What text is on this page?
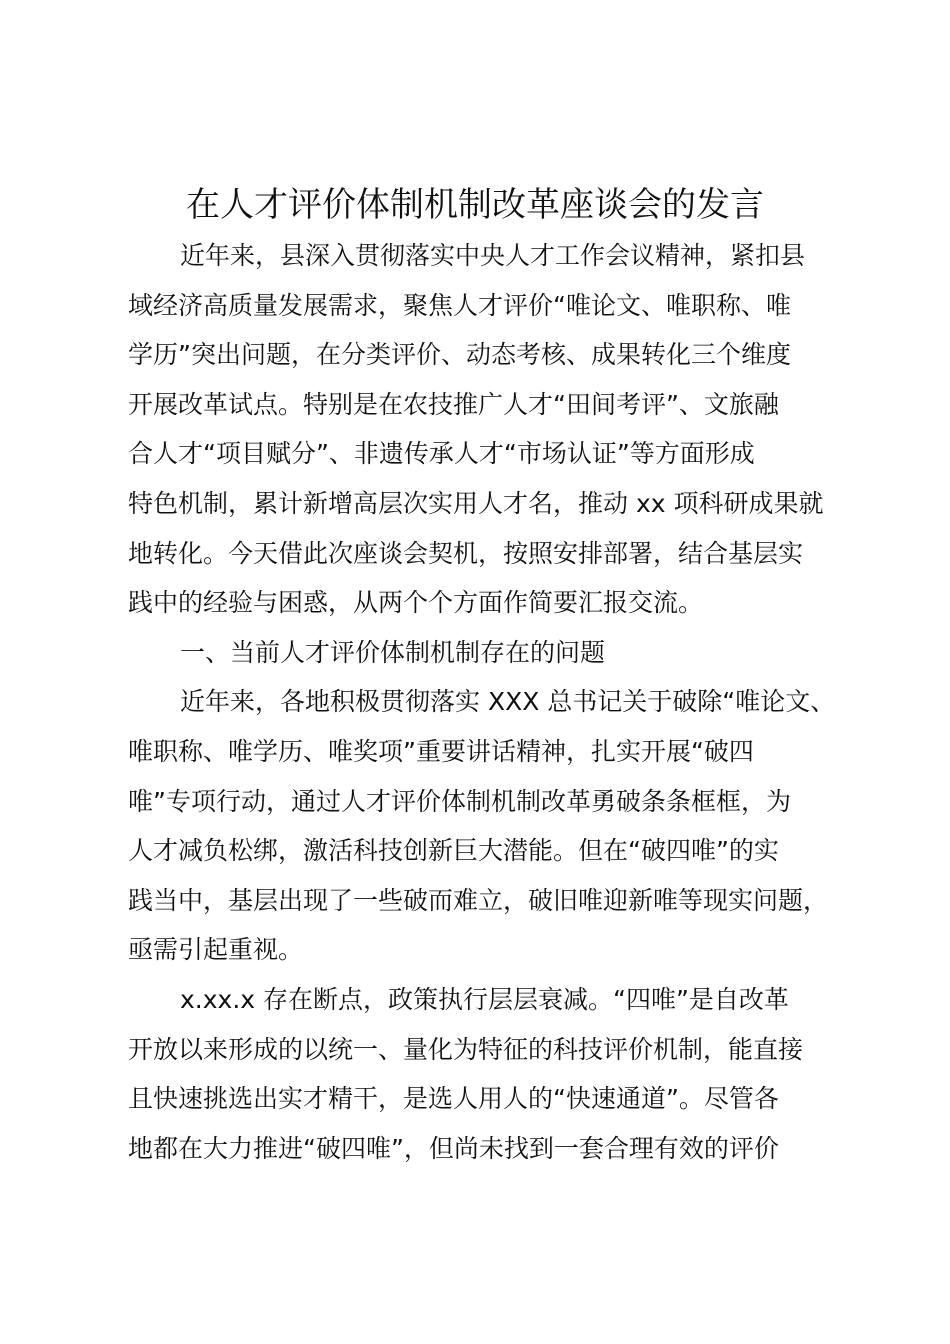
在人才评价体制机制改革座谈会的发言
近年来，县深入贯彻落实中央人才工作会议精神，紧扣县
域经济高质量发展需求，聚焦人才评价“唯论文、唯职称、唯
学历”突出问题，在分类评价、动态考核、成果转化三个维度
开展改革试点。特别是在农技推广人才“田间考评”、文旅融
合人才“项目赋分”、非遗传承人才“市场认证”等方面形成
特色机制，累计新增高层次实用人才名，推动 xx 项科研成果就
地转化。今天借此次座谈会契机，按照安排部署，结合基层实
践中的经验与困惑，从两个个方面作简要汇报交流。
一、当前人才评价体制机制存在的问题
近年来，各地积极贯彻落实 XXX 总书记关于破除“唯论文、
唯职称、唯学历、唯奖项”重要讲话精神，扎实开展“破四
唯”专项行动，通过人才评价体制机制改革勇破条条框框，为
人才减负松绑，激活科技创新巨大潜能。但在“破四唯”的实
践当中，基层出现了一些破而难立，破旧唯迎新唯等现实问题，
亟需引起重视。
x.xx.x 存在断点，政策执行层层衰减。“四唯”是自改革
开放以来形成的以统一、量化为特征的科技评价机制，能直接
且快速挑选出实才精干，是选人用人的“快速通道”。尽管各
地都在大力推进“破四唯”，但尚未找到一套合理有效的评价
